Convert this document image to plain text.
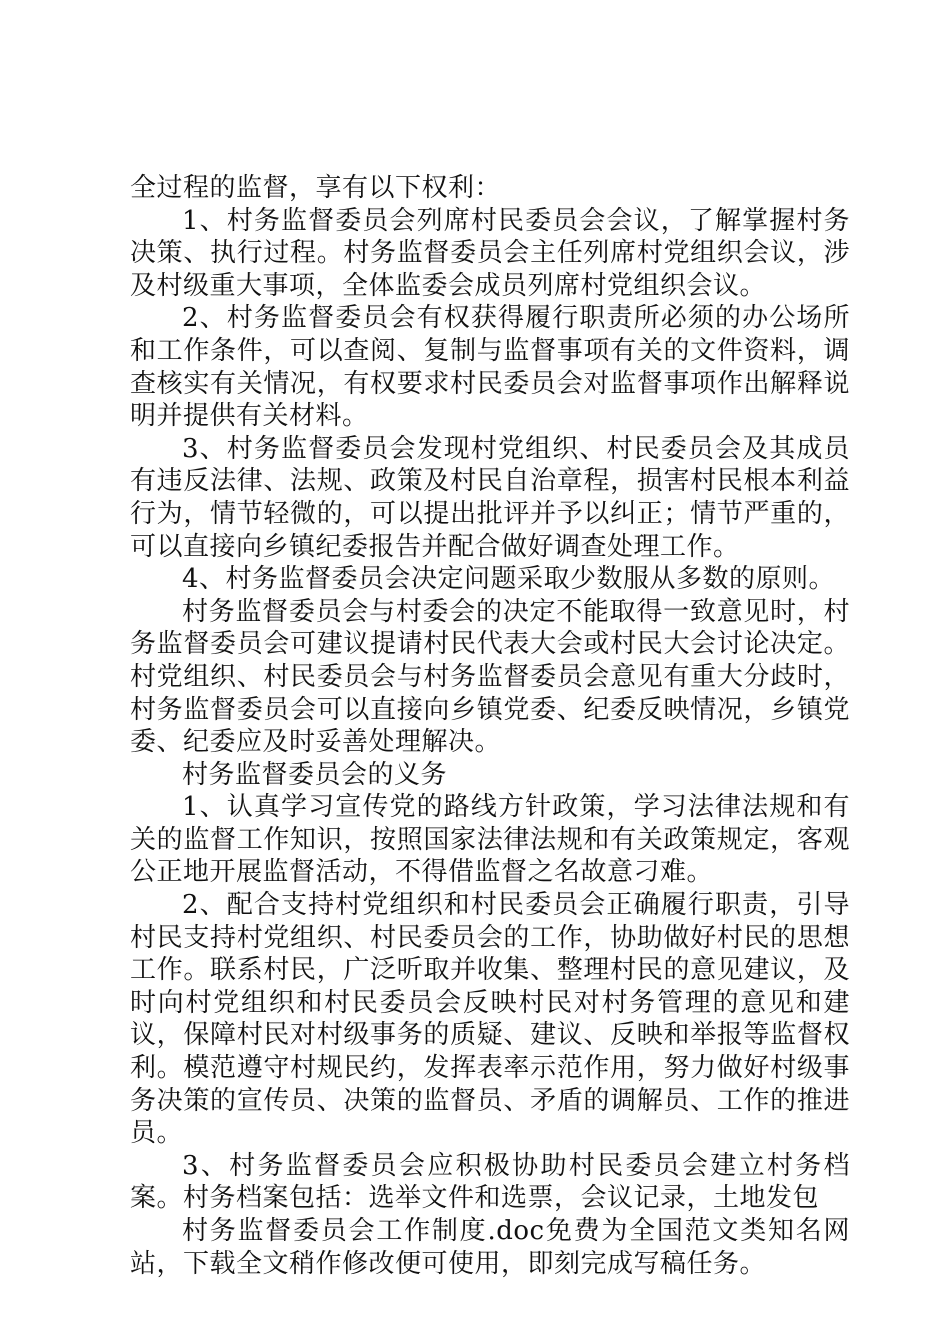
全过程的监督，享有以下权利：

1、村务监督委员会列席村民委员会会议，了解掌握村务决策、执行过程。村务监督委员会主任列席村党组织会议，涉及村级重大事项，全体监委会成员列席村党组织会议。

2、村务监督委员会有权获得履行职责所必须的办公场所和工作条件，可以查阅、复制与监督事项有关的文件资料，调查核实有关情况，有权要求村民委员会对监督事项作出解释说明并提供有关材料。

3、村务监督委员会发现村党组织、村民委员会及其成员有违反法律、法规、政策及村民自治章程，损害村民根本利益行为，情节轻微的，可以提出批评并予以纠正；情节严重的，可以直接向乡镇纪委报告并配合做好调查处理工作。

4、村务监督委员会决定问题采取少数服从多数的原则。

村务监督委员会与村委会的决定不能取得一致意见时，村务监督委员会可建议提请村民代表大会或村民大会讨论决定。村党组织、村民委员会与村务监督委员会意见有重大分歧时，村务监督委员会可以直接向乡镇党委、纪委反映情况，乡镇党委、纪委应及时妥善处理解决。

村务监督委员会的义务

1、认真学习宣传党的路线方针政策，学习法律法规和有关的监督工作知识，按照国家法律法规和有关政策规定，客观公正地开展监督活动，不得借监督之名故意刁难。

2、配合支持村党组织和村民委员会正确履行职责，引导村民支持村党组织、村民委员会的工作，协助做好村民的思想工作。联系村民，广泛听取并收集、整理村民的意见建议，及时向村党组织和村民委员会反映村民对村务管理的意见和建议，保障村民对村级事务的质疑、建议、反映和举报等监督权利。模范遵守村规民约，发挥表率示范作用，努力做好村级事务决策的宣传员、决策的监督员、矛盾的调解员、工作的推进员。

3、村务监督委员会应积极协助村民委员会建立村务档案。村务档案包括：选举文件和选票，会议记录，土地发包

村务监督委员会工作制度.doc免费为全国范文类知名网站，下载全文稍作修改便可使用，即刻完成写稿任务。
